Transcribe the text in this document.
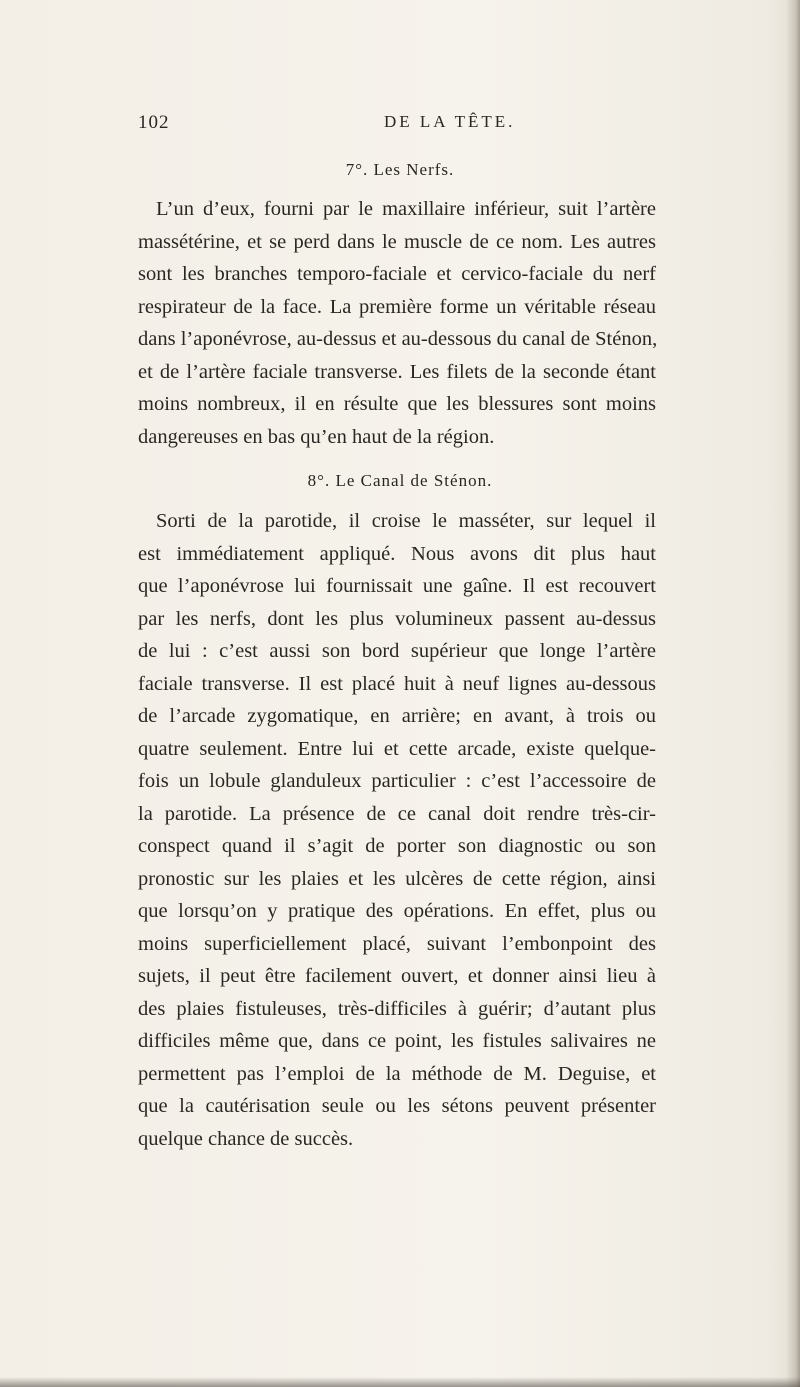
102	DE LA TÊTE.
7°. Les Nerfs.
L’un d’eux, fourni par le maxillaire inférieur, suit l’artère
massétérine, et se perd dans le muscle de ce nom. Les autres
sont les branches temporo-faciale et cervico-faciale du nerf
respirateur de la face. La première forme un véritable réseau
dans l’aponévrose, au-dessus et au-dessous du canal de Sténon,
et de l’artère faciale transverse. Les filets de la seconde étant
moins nombreux, il en résulte que les blessures sont moins
dangereuses en bas qu’en haut de la région.
8°. Le Canal de Sténon.
Sorti de la parotide, il croise le masséter, sur lequel il
est immédiatement appliqué. Nous avons dit plus haut
que l’aponévrose lui fournissait une gaîne. Il est recouvert
par les nerfs, dont les plus volumineux passent au-dessus
de lui : c’est aussi son bord supérieur que longe l’artère
faciale transverse. Il est placé huit à neuf lignes au-dessous
de l’arcade zygomatique, en arrière; en avant, à trois ou
quatre seulement. Entre lui et cette arcade, existe quelque-
fois un lobule glanduleux particulier : c’est l’accessoire de
la parotide. La présence de ce canal doit rendre très-cir-
conspect quand il s’agit de porter son diagnostic ou son
pronostic sur les plaies et les ulcères de cette région, ainsi
que lorsqu’on y pratique des opérations. En effet, plus ou
moins superficiellement placé, suivant l’embonpoint des
sujets, il peut être facilement ouvert, et donner ainsi lieu à
des plaies fistuleuses, très-difficiles à guérir; d’autant plus
difficiles même que, dans ce point, les fistules salivaires ne
permettent pas l’emploi de la méthode de M. Deguise, et
que la cautérisation seule ou les sétons peuvent présenter
quelque chance de succès.
